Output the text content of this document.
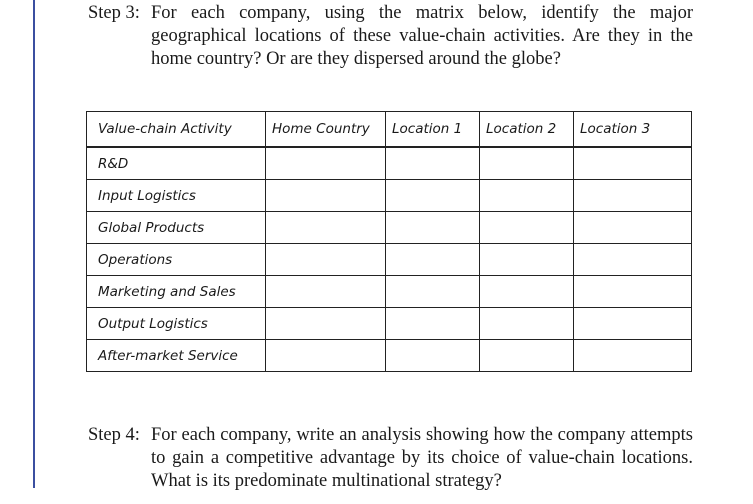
Step 3: For each company, using the matrix below, identify the major geographical locations of these value-chain activities. Are they in the home country? Or are they dispersed around the globe?
Value-chain Activity	Home Country	Location 1	Location 2	Location 3
R&D				
Input Logistics				
Global Products				
Operations				
Marketing and Sales				
Output Logistics				
After-market Service				
Step 4: For each company, write an analysis showing how the company attempts to gain a competitive advantage by its choice of value-chain locations. What is its predominate multinational strategy?
